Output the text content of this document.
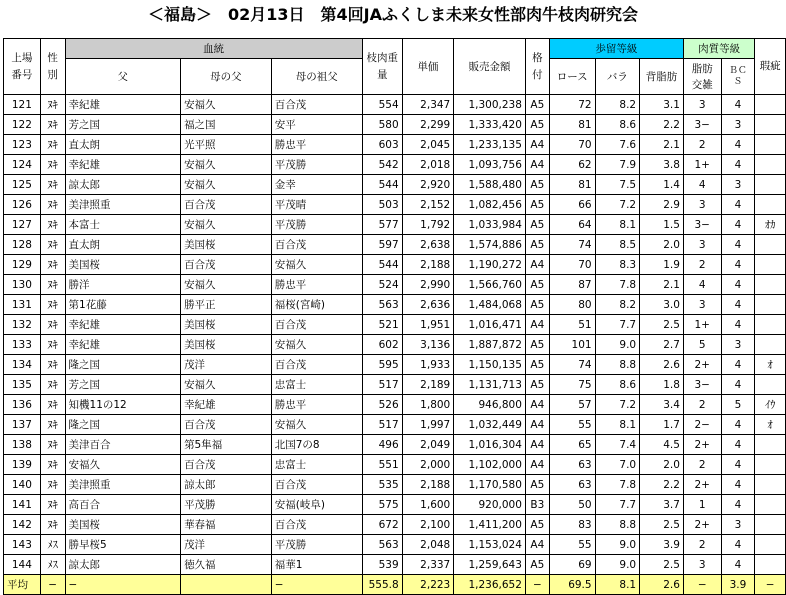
＜福島＞　02月13日　第4回JAふくしま未来女性部肉牛枝肉研究会
上場番号	性別	血統			枝肉重量	単価	販売金額	格付	歩留等級			肉質等級		瑕疵
		父	母の父	母の祖父					ロース	バラ	背脂肪	脂肪交雑	ＢＣＳ	
121	ﾇｷ	幸紀雄	安福久	百合茂	554	2,347	1,300,238	A5	72	8.2	3.1	3	4	
122	ﾇｷ	芳之国	福之国	安平	580	2,299	1,333,420	A5	81	8.6	2.2	3−	3	
123	ﾇｷ	直太朗	光平照	勝忠平	603	2,045	1,233,135	A4	70	7.6	2.1	2	4	
124	ﾇｷ	幸紀雄	安福久	平茂勝	542	2,018	1,093,756	A4	62	7.9	3.8	1+	4	
125	ﾇｷ	諒太郎	安福久	金幸	544	2,920	1,588,480	A5	81	7.5	1.4	4	3	
126	ﾇｷ	美津照重	百合茂	平茂晴	503	2,152	1,082,456	A5	66	7.2	2.9	3	4	
127	ﾇｷ	本富士	安福久	平茂勝	577	1,792	1,033,984	A5	64	8.1	1.5	3−	4	ｵｶ
128	ﾇｷ	直太朗	美国桜	百合茂	597	2,638	1,574,886	A5	74	8.5	2.0	3	4	
129	ﾇｷ	美国桜	百合茂	安福久	544	2,188	1,190,272	A4	70	8.3	1.9	2	4	
130	ﾇｷ	勝洋	安福久	勝忠平	524	2,990	1,566,760	A5	87	7.8	2.1	4	4	
131	ﾇｷ	第1花藤	勝平正	福桜(宮崎)	563	2,636	1,484,068	A5	80	8.2	3.0	3	4	
132	ﾇｷ	幸紀雄	美国桜	百合茂	521	1,951	1,016,471	A4	51	7.7	2.5	1+	4	
133	ﾇｷ	幸紀雄	美国桜	安福久	602	3,136	1,887,872	A5	101	9.0	2.7	5	3	
134	ﾇｷ	隆之国	茂洋	百合茂	595	1,933	1,150,135	A5	74	8.8	2.6	2+	4	ｵ
135	ﾇｷ	芳之国	安福久	忠富士	517	2,189	1,131,713	A5	75	8.6	1.8	3−	4	
136	ﾇｷ	知機11の12	幸紀雄	勝忠平	526	1,800	946,800	A4	57	7.2	3.4	2	5	ｲｳ
137	ﾇｷ	隆之国	百合茂	安福久	517	1,997	1,032,449	A4	55	8.1	1.7	2−	4	ｵ
138	ﾇｷ	美津百合	第5隼福	北国7の8	496	2,049	1,016,304	A4	65	7.4	4.5	2+	4	
139	ﾇｷ	安福久	百合茂	忠富士	551	2,000	1,102,000	A4	63	7.0	2.0	2	4	
140	ﾇｷ	美津照重	諒太郎	百合茂	535	2,188	1,170,580	A5	63	7.8	2.2	2+	4	
141	ﾇｷ	高百合	平茂勝	安福(岐阜)	575	1,600	920,000	B3	50	7.7	3.7	1	4	
142	ﾇｷ	美国桜	華春福	百合茂	672	2,100	1,411,200	A5	83	8.8	2.5	2+	3	
143	ﾒｽ	勝早桜5	茂洋	平茂勝	563	2,048	1,153,024	A4	55	9.0	3.9	2	4	
144	ﾒｽ	諒太郎	徳久福	福華1	539	2,337	1,259,643	A5	69	9.0	2.5	3	4	
平均	−	−		−	555.8	2,223	1,236,652	−	69.5	8.1	2.6	−	3.9	−
